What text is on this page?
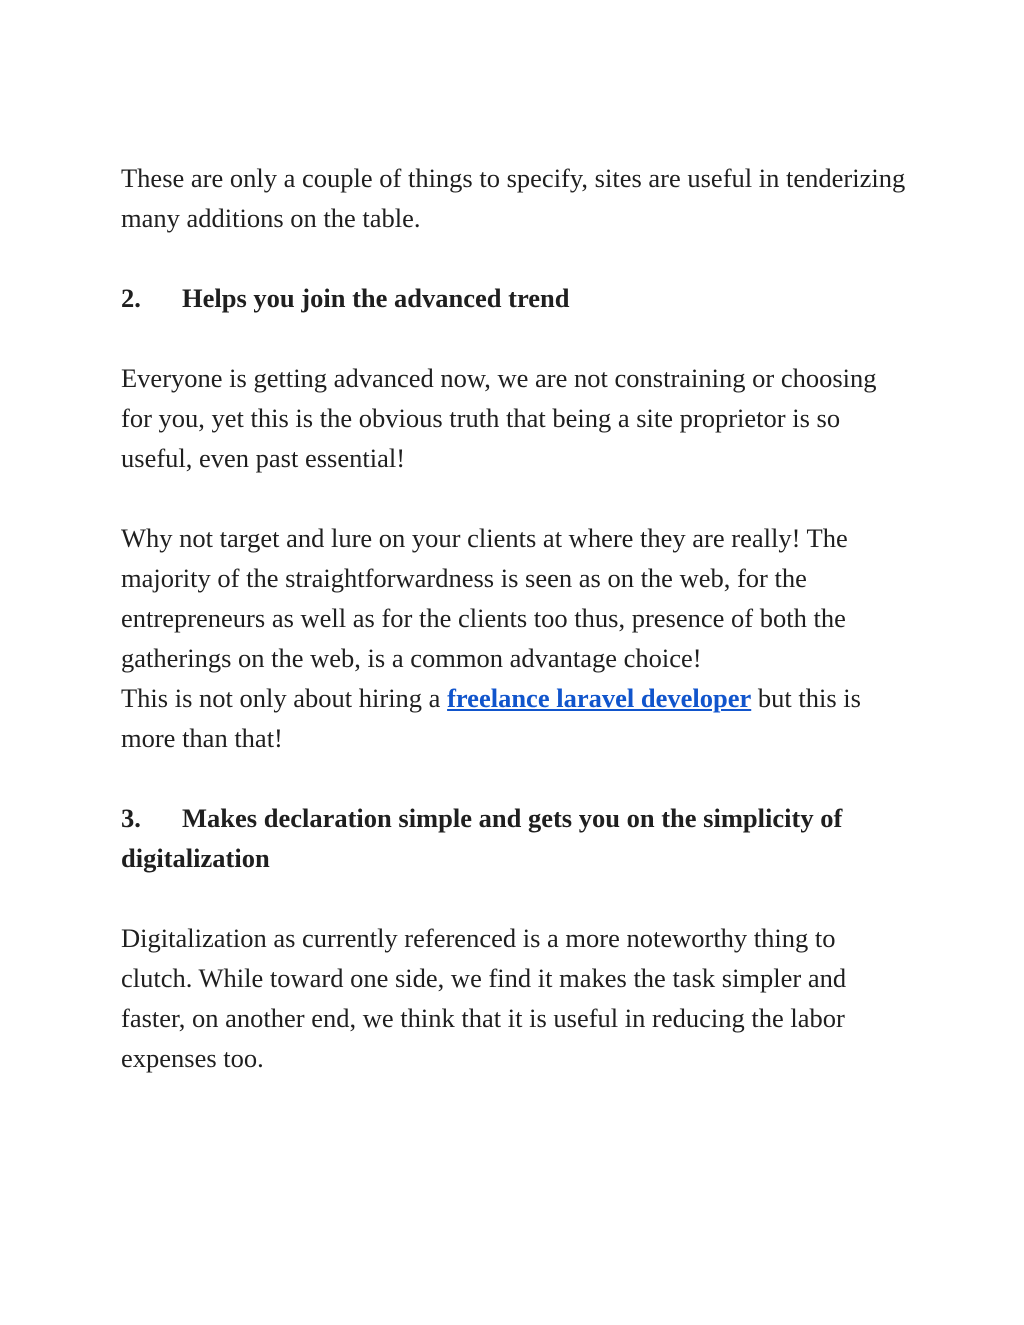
These are only a couple of things to specify, sites are useful in tenderizing many additions on the table.

2. Helps you join the advanced trend

Everyone is getting advanced now, we are not constraining or choosing for you, yet this is the obvious truth that being a site proprietor is so useful, even past essential!

Why not target and lure on your clients at where they are really! The majority of the straightforwardness is seen as on the web, for the entrepreneurs as well as for the clients too thus, presence of both the gatherings on the web, is a common advantage choice!

This is not only about hiring a freelance laravel developer but this is more than that!

3. Makes declaration simple and gets you on the simplicity of digitalization

Digitalization as currently referenced is a more noteworthy thing to clutch. While toward one side, we find it makes the task simpler and faster, on another end, we think that it is useful in reducing the labor expenses too.
